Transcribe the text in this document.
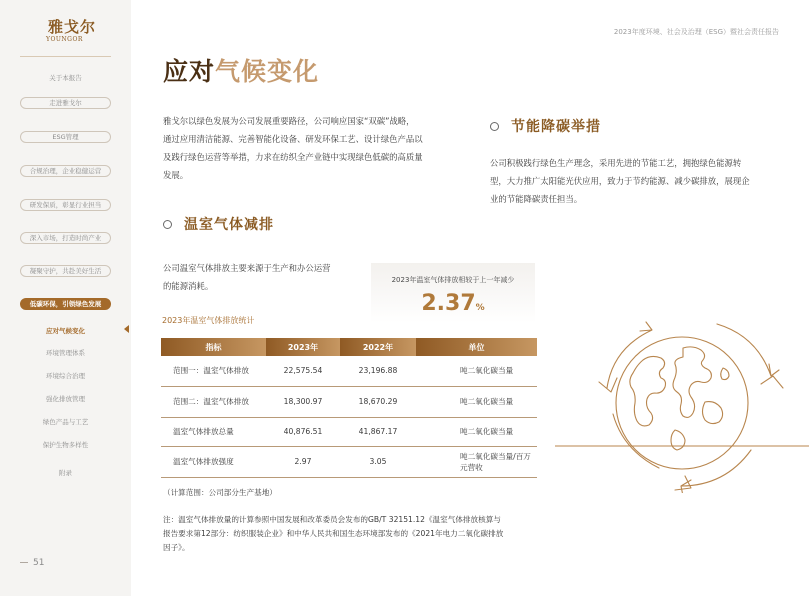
雅戈尔
YOUNGOR
关于本报告
走进雅戈尔
ESG管理
合规治理，企业稳健运营
研发保质，彰显行业担当
深入市场，打造时尚产业
凝聚守护，共赴美好生活
低碳环保，引领绿色发展
应对气候变化
环境管理体系
环境综合治理
强化排放管理
绿色产品与工艺
保护生物多样性
附录
51
2023年度环境、社会及治理（ESG）暨社会责任报告
应对气候变化
雅戈尔以绿色发展为公司发展重要路径，公司响应国家“双碳”战略，
通过应用清洁能源、完善智能化设备、研发环保工艺、设计绿色产品以
及践行绿色运营等举措，力求在纺织全产业链中实现绿色低碳的高质量
发展。
节能降碳举措
公司积极践行绿色生产理念，采用先进的节能工艺，拥抱绿色能源转
型，大力推广太阳能光伏应用，致力于节约能源、减少碳排放，展现企
业的节能降碳责任担当。
温室气体减排
公司温室气体排放主要来源于生产和办公运营
的能源消耗。
2023年温室气体排放相较于上一年减少
2.37%
2023年温室气体排放统计
指标	2023年	2022年	单位
范围一：温室气体排放	22,575.54	23,196.88	吨二氧化碳当量
范围二：温室气体排放	18,300.97	18,670.29	吨二氧化碳当量
温室气体排放总量	40,876.51	41,867.17	吨二氧化碳当量
温室气体排放强度	2.97	3.05	吨二氧化碳当量/百万元营收
（计算范围：公司部分生产基地）
注：温室气体排放量的计算参照中国发展和改革委员会发布的GB/T 32151.12《温室气体排放核算与
报告要求第12部分：纺织服装企业》和中华人民共和国生态环境部发布的《2021年电力二氧化碳排放
因子》。
